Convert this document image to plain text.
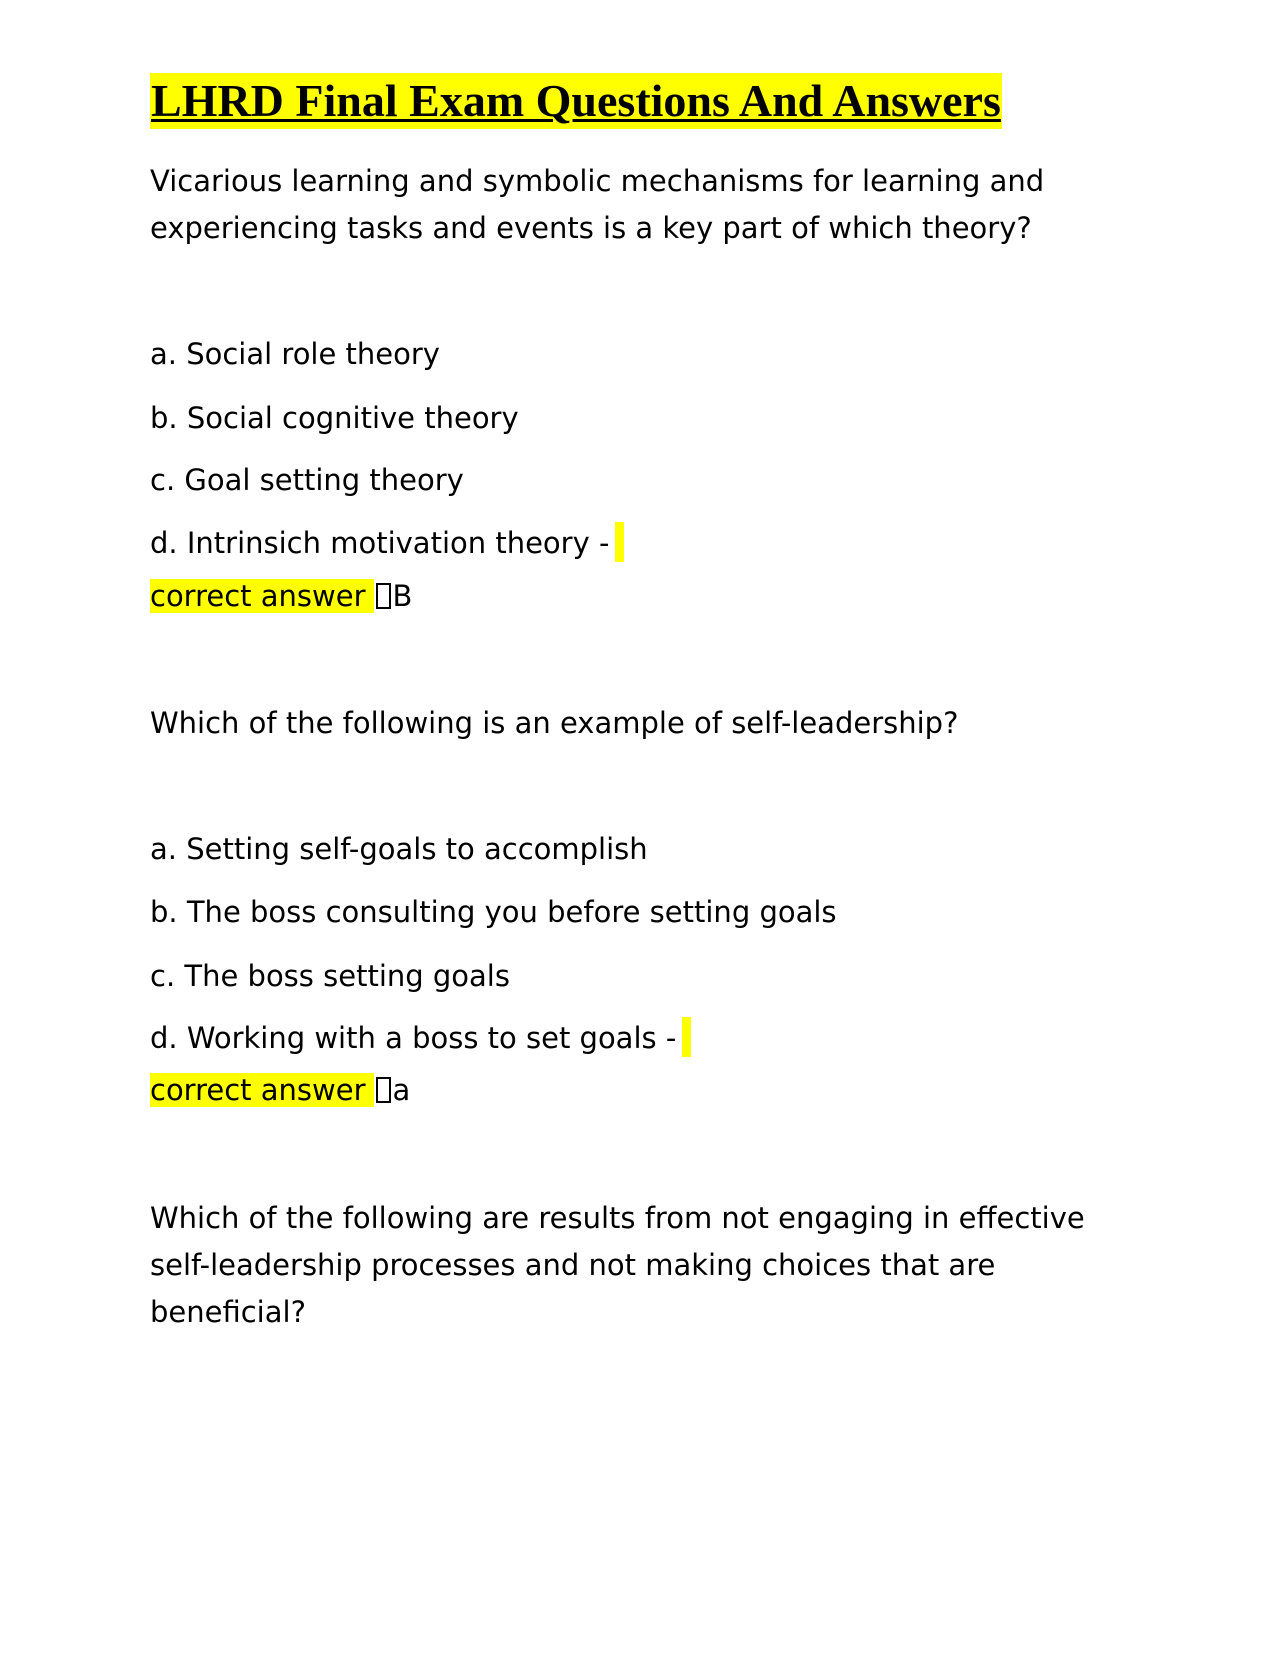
LHRD Final Exam Questions And Answers

Vicarious learning and symbolic mechanisms for learning and

experiencing tasks and events is a key part of which theory?

a. Social role theory

b. Social cognitive theory

c. Goal setting theory

d. Intrinsich motivation theory -

correct answer B

Which of the following is an example of self-leadership?

a. Setting self-goals to accomplish

b. The boss consulting you before setting goals

c. The boss setting goals

d. Working with a boss to set goals -

correct answer a

Which of the following are results from not engaging in effective

self-leadership processes and not making choices that are

beneficial?
